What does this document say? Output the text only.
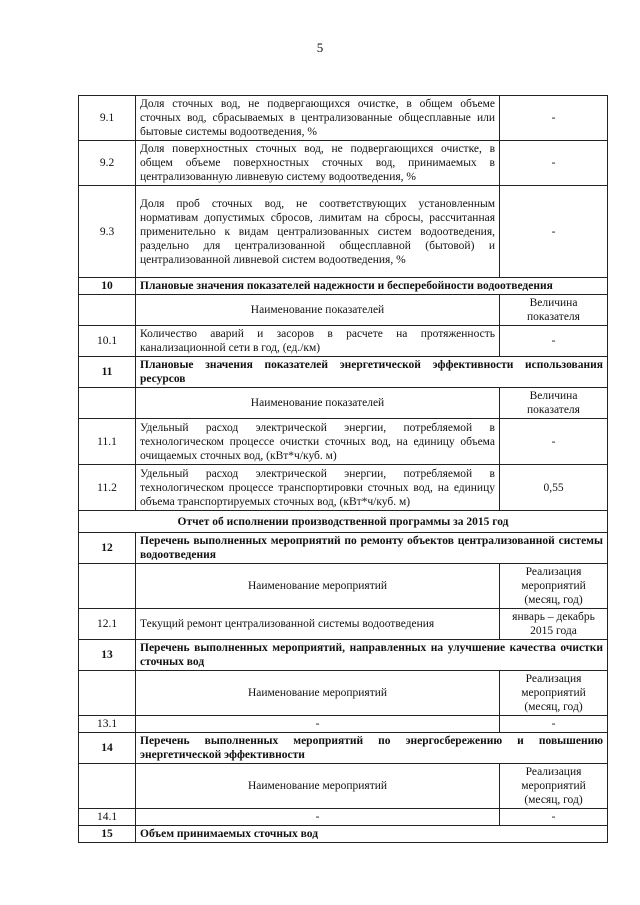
5
9.1	Доля сточных вод, не подвергающихся очистке, в общем объеме сточных вод, сбрасываемых в централизованные общесплавные или бытовые системы водоотведения, %	-
9.2	Доля поверхностных сточных вод, не подвергающихся очистке, в общем объеме поверхностных сточных вод, принимаемых в централизованную ливневую систему водоотведения, %	-
9.3	Доля проб сточных вод, не соответствующих установленным нормативам допустимых сбросов, лимитам на сбросы, рассчитанная применительно к видам централизованных систем водоотведения, раздельно для централизованной общесплавной (бытовой) и централизованной ливневой систем водоотведения, %	-
10	Плановые значения показателей надежности и бесперебойности водоотведения	
	Наименование показателей	Величина показателя
10.1	Количество аварий и засоров в расчете на протяженность канализационной сети в год, (ед./км)	-
11	Плановые значения показателей энергетической эффективности использования ресурсов	
	Наименование показателей	Величина показателя
11.1	Удельный расход электрической энергии, потребляемой в технологическом процессе очистки сточных вод, на единицу объема очищаемых сточных вод, (кВт*ч/куб. м)	-
11.2	Удельный расход электрической энергии, потребляемой в технологическом процессе транспортировки сточных вод, на единицу объема транспортируемых сточных вод, (кВт*ч/куб. м)	0,55
Отчет об исполнении производственной программы за 2015 год		
12	Перечень выполненных мероприятий по ремонту объектов централизованной системы водоотведения	
	Наименование мероприятий	Реализация мероприятий (месяц, год)
12.1	Текущий ремонт централизованной системы водоотведения	январь – декабрь 2015 года
13	Перечень выполненных мероприятий, направленных на улучшение качества очистки сточных вод	
	Наименование мероприятий	Реализация мероприятий (месяц, год)
13.1	-	-
14	Перечень выполненных мероприятий по энергосбережению и повышению энергетической эффективности	
	Наименование мероприятий	Реализация мероприятий (месяц, год)
14.1	-	-
15	Объем принимаемых сточных вод	
